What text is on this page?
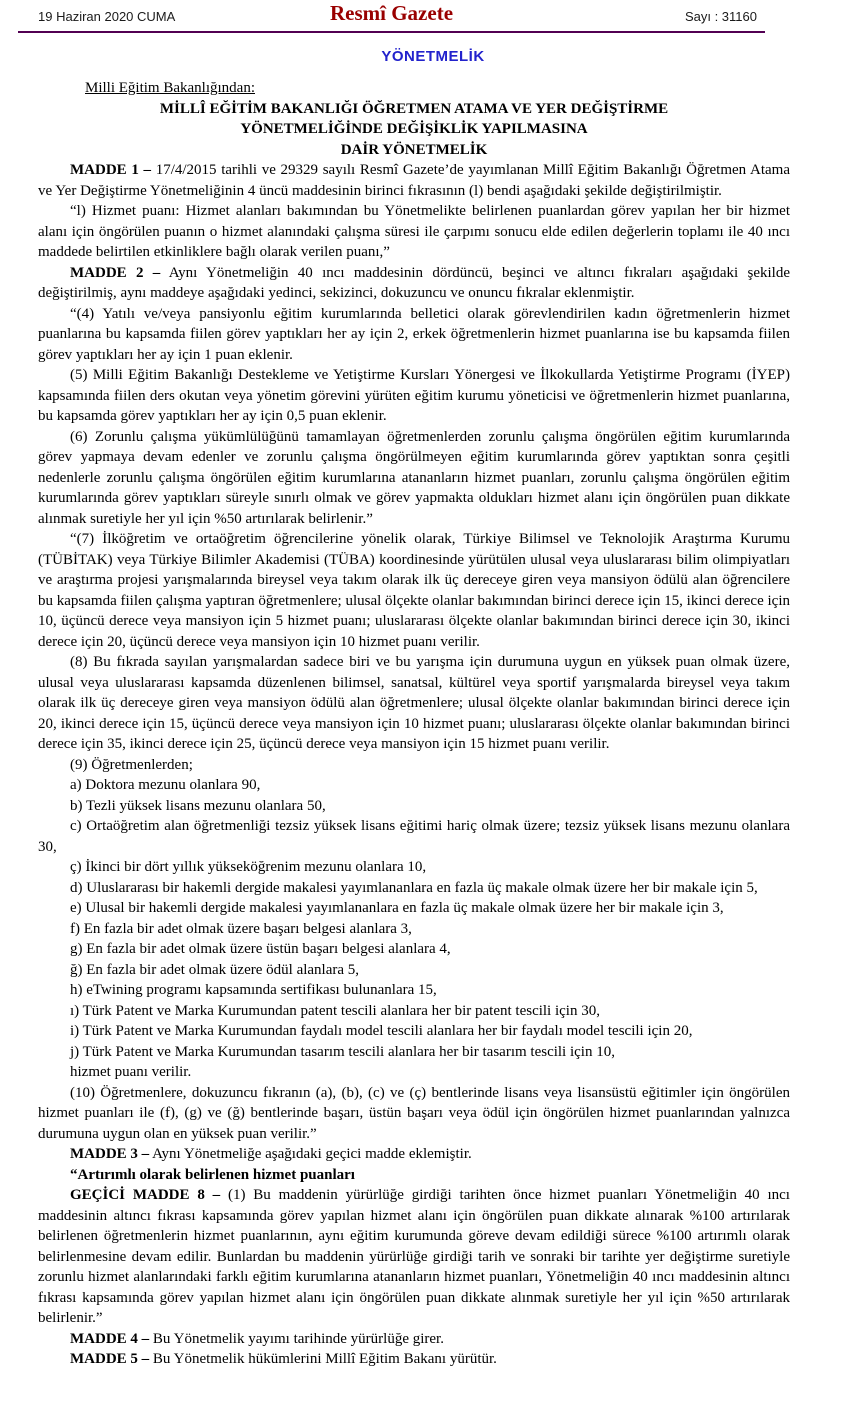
19 Haziran 2020 CUMA	Resmî Gazete	Sayı : 31160
YÖNETMELİK

Milli Eğitim Bakanlığından:

MİLLÎ EĞİTİM BAKANLIĞI ÖĞRETMEN ATAMA VE YER DEĞİŞTİRME

YÖNETMELİĞİNDE DEĞİŞİKLİK YAPILMASINA

DAİR YÖNETMELİK

MADDE 1 – 17/4/2015 tarihli ve 29329 sayılı Resmî Gazete’de yayımlanan Millî Eğitim Bakanlığı Öğretmen Atama ve Yer Değiştirme Yönetmeliğinin 4 üncü maddesinin birinci fıkrasının (l) bendi aşağıdaki şekilde değiştirilmiştir.

“l) Hizmet puanı: Hizmet alanları bakımından bu Yönetmelikte belirlenen puanlardan görev yapılan her bir hizmet alanı için öngörülen puanın o hizmet alanındaki çalışma süresi ile çarpımı sonucu elde edilen değerlerin toplamı ile 40 ıncı maddede belirtilen etkinliklere bağlı olarak verilen puanı,”

MADDE 2 – Aynı Yönetmeliğin 40 ıncı maddesinin dördüncü, beşinci ve altıncı fıkraları aşağıdaki şekilde değiştirilmiş, aynı maddeye aşağıdaki yedinci, sekizinci, dokuzuncu ve onuncu fıkralar eklenmiştir.

“(4) Yatılı ve/veya pansiyonlu eğitim kurumlarında belletici olarak görevlendirilen kadın öğretmenlerin hizmet puanlarına bu kapsamda fiilen görev yaptıkları her ay için 2, erkek öğretmenlerin hizmet puanlarına ise bu kapsamda fiilen görev yaptıkları her ay için 1 puan eklenir.

(5) Milli Eğitim Bakanlığı Destekleme ve Yetiştirme Kursları Yönergesi ve İlkokullarda Yetiştirme Programı (İYEP) kapsamında fiilen ders okutan veya yönetim görevini yürüten eğitim kurumu yöneticisi ve öğretmenlerin hizmet puanlarına, bu kapsamda görev yaptıkları her ay için 0,5 puan eklenir.

(6) Zorunlu çalışma yükümlülüğünü tamamlayan öğretmenlerden zorunlu çalışma öngörülen eğitim kurumlarında görev yapmaya devam edenler ve zorunlu çalışma öngörülmeyen eğitim kurumlarında görev yaptıktan sonra çeşitli nedenlerle zorunlu çalışma öngörülen eğitim kurumlarına atananların hizmet puanları, zorunlu çalışma öngörülen eğitim kurumlarında görev yaptıkları süreyle sınırlı olmak ve görev yapmakta oldukları hizmet alanı için öngörülen puan dikkate alınmak suretiyle her yıl için %50 artırılarak belirlenir.”

“(7) İlköğretim ve ortaöğretim öğrencilerine yönelik olarak, Türkiye Bilimsel ve Teknolojik Araştırma Kurumu (TÜBİTAK) veya Türkiye Bilimler Akademisi (TÜBA) koordinesinde yürütülen ulusal veya uluslararası bilim olimpiyatları ve araştırma projesi yarışmalarında bireysel veya takım olarak ilk üç dereceye giren veya mansiyon ödülü alan öğrencilere bu kapsamda fiilen çalışma yaptıran öğretmenlere; ulusal ölçekte olanlar bakımından birinci derece için 15, ikinci derece için 10, üçüncü derece veya mansiyon için 5 hizmet puanı; uluslararası ölçekte olanlar bakımından birinci derece için 30, ikinci derece için 20, üçüncü derece veya mansiyon için 10 hizmet puanı verilir.

(8) Bu fıkrada sayılan yarışmalardan sadece biri ve bu yarışma için durumuna uygun en yüksek puan olmak üzere, ulusal veya uluslararası kapsamda düzenlenen bilimsel, sanatsal, kültürel veya sportif yarışmalarda bireysel veya takım olarak ilk üç dereceye giren veya mansiyon ödülü alan öğretmenlere; ulusal ölçekte olanlar bakımından birinci derece için 20, ikinci derece için 15, üçüncü derece veya mansiyon için 10 hizmet puanı; uluslararası ölçekte olanlar bakımından birinci derece için 35, ikinci derece için 25, üçüncü derece veya mansiyon için 15 hizmet puanı verilir.

(9) Öğretmenlerden;

a) Doktora mezunu olanlara 90,

b) Tezli yüksek lisans mezunu olanlara 50,

c) Ortaöğretim alan öğretmenliği tezsiz yüksek lisans eğitimi hariç olmak üzere; tezsiz yüksek lisans mezunu olanlara 30,

ç) İkinci bir dört yıllık yükseköğrenim mezunu olanlara 10,

d) Uluslararası bir hakemli dergide makalesi yayımlananlara en fazla üç makale olmak üzere her bir makale için 5,

e) Ulusal bir hakemli dergide makalesi yayımlananlara en fazla üç makale olmak üzere her bir makale için 3,

f) En fazla bir adet olmak üzere başarı belgesi alanlara 3,

g) En fazla bir adet olmak üzere üstün başarı belgesi alanlara 4,

ğ) En fazla bir adet olmak üzere ödül alanlara 5,

h) eTwining programı kapsamında sertifikası bulunanlara 15,

ı) Türk Patent ve Marka Kurumundan patent tescili alanlara her bir patent tescili için 30,

i) Türk Patent ve Marka Kurumundan faydalı model tescili alanlara her bir faydalı model tescili için 20,

j) Türk Patent ve Marka Kurumundan tasarım tescili alanlara her bir tasarım tescili için 10,

hizmet puanı verilir.

(10) Öğretmenlere, dokuzuncu fıkranın (a), (b), (c) ve (ç) bentlerinde lisans veya lisansüstü eğitimler için öngörülen hizmet puanları ile (f), (g) ve (ğ) bentlerinde başarı, üstün başarı veya ödül için öngörülen hizmet puanlarından yalnızca durumuna uygun olan en yüksek puan verilir.”

MADDE 3 – Aynı Yönetmeliğe aşağıdaki geçici madde eklemiştir.

“Artırımlı olarak belirlenen hizmet puanları

GEÇİCİ MADDE 8 – (1) Bu maddenin yürürlüğe girdiği tarihten önce hizmet puanları Yönetmeliğin 40 ıncı maddesinin altıncı fıkrası kapsamında görev yapılan hizmet alanı için öngörülen puan dikkate alınarak %100 artırılarak belirlenen öğretmenlerin hizmet puanlarının, aynı eğitim kurumunda göreve devam edildiği sürece %100 artırımlı olarak belirlenmesine devam edilir. Bunlardan bu maddenin yürürlüğe girdiği tarih ve sonraki bir tarihte yer değiştirme suretiyle zorunlu hizmet alanlarındaki farklı eğitim kurumlarına atananların hizmet puanları, Yönetmeliğin 40 ıncı maddesinin altıncı fıkrası kapsamında görev yapılan hizmet alanı için öngörülen puan dikkate alınmak suretiyle her yıl için %50 artırılarak belirlenir.”

MADDE 4 – Bu Yönetmelik yayımı tarihinde yürürlüğe girer.

MADDE 5 – Bu Yönetmelik hükümlerini Millî Eğitim Bakanı yürütür.
